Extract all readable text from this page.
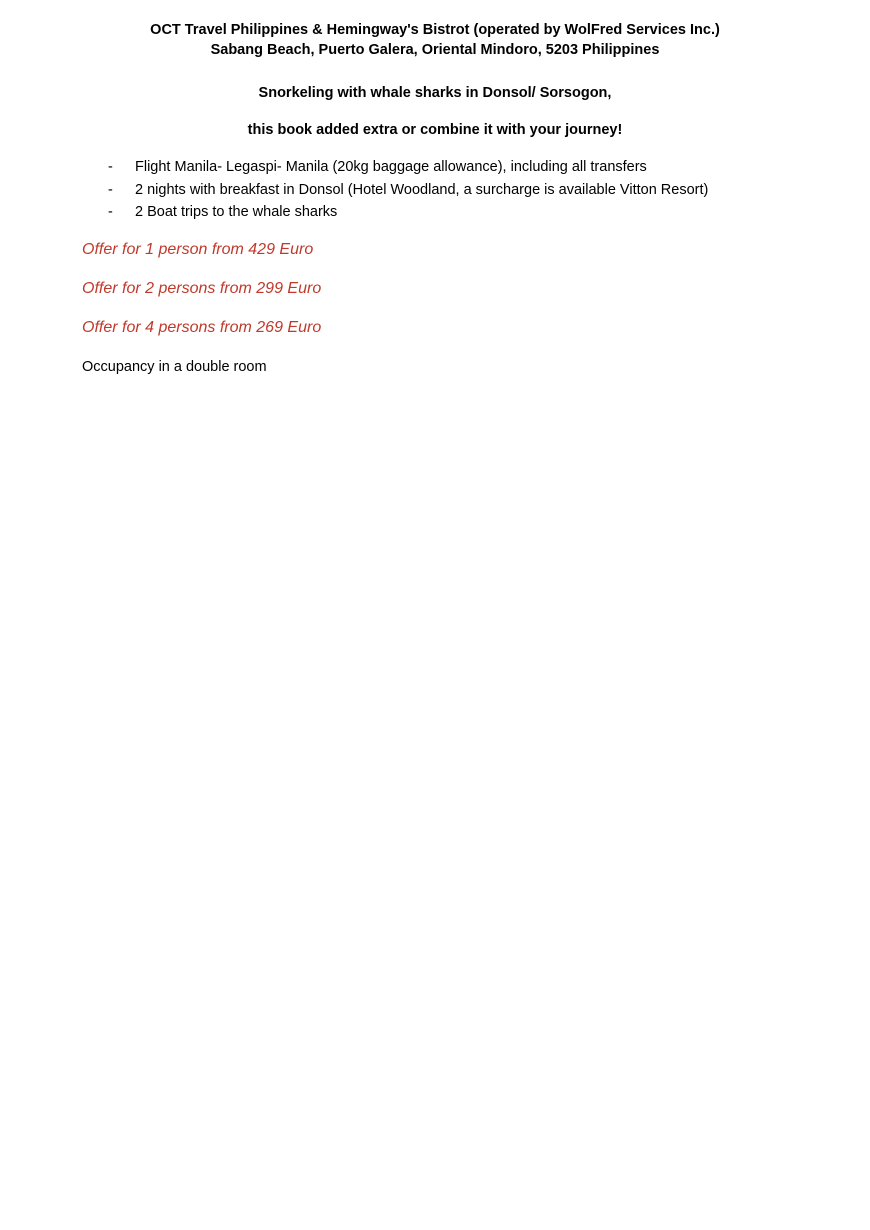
OCT Travel Philippines & Hemingway's Bistrot (operated by WolFred Services Inc.)
Sabang Beach, Puerto Galera, Oriental Mindoro, 5203 Philippines
Snorkeling with whale sharks in Donsol/ Sorsogon,
this book added extra or combine it with your journey!
-	Flight Manila- Legaspi- Manila (20kg baggage allowance), including all transfers
-	2 nights with breakfast in Donsol (Hotel Woodland, a surcharge is available Vitton Resort)
-	2 Boat trips to the whale sharks
Offer for 1 person from 429 Euro
Offer for 2 persons from 299 Euro
Offer for 4 persons from 269 Euro
Occupancy in a double room
